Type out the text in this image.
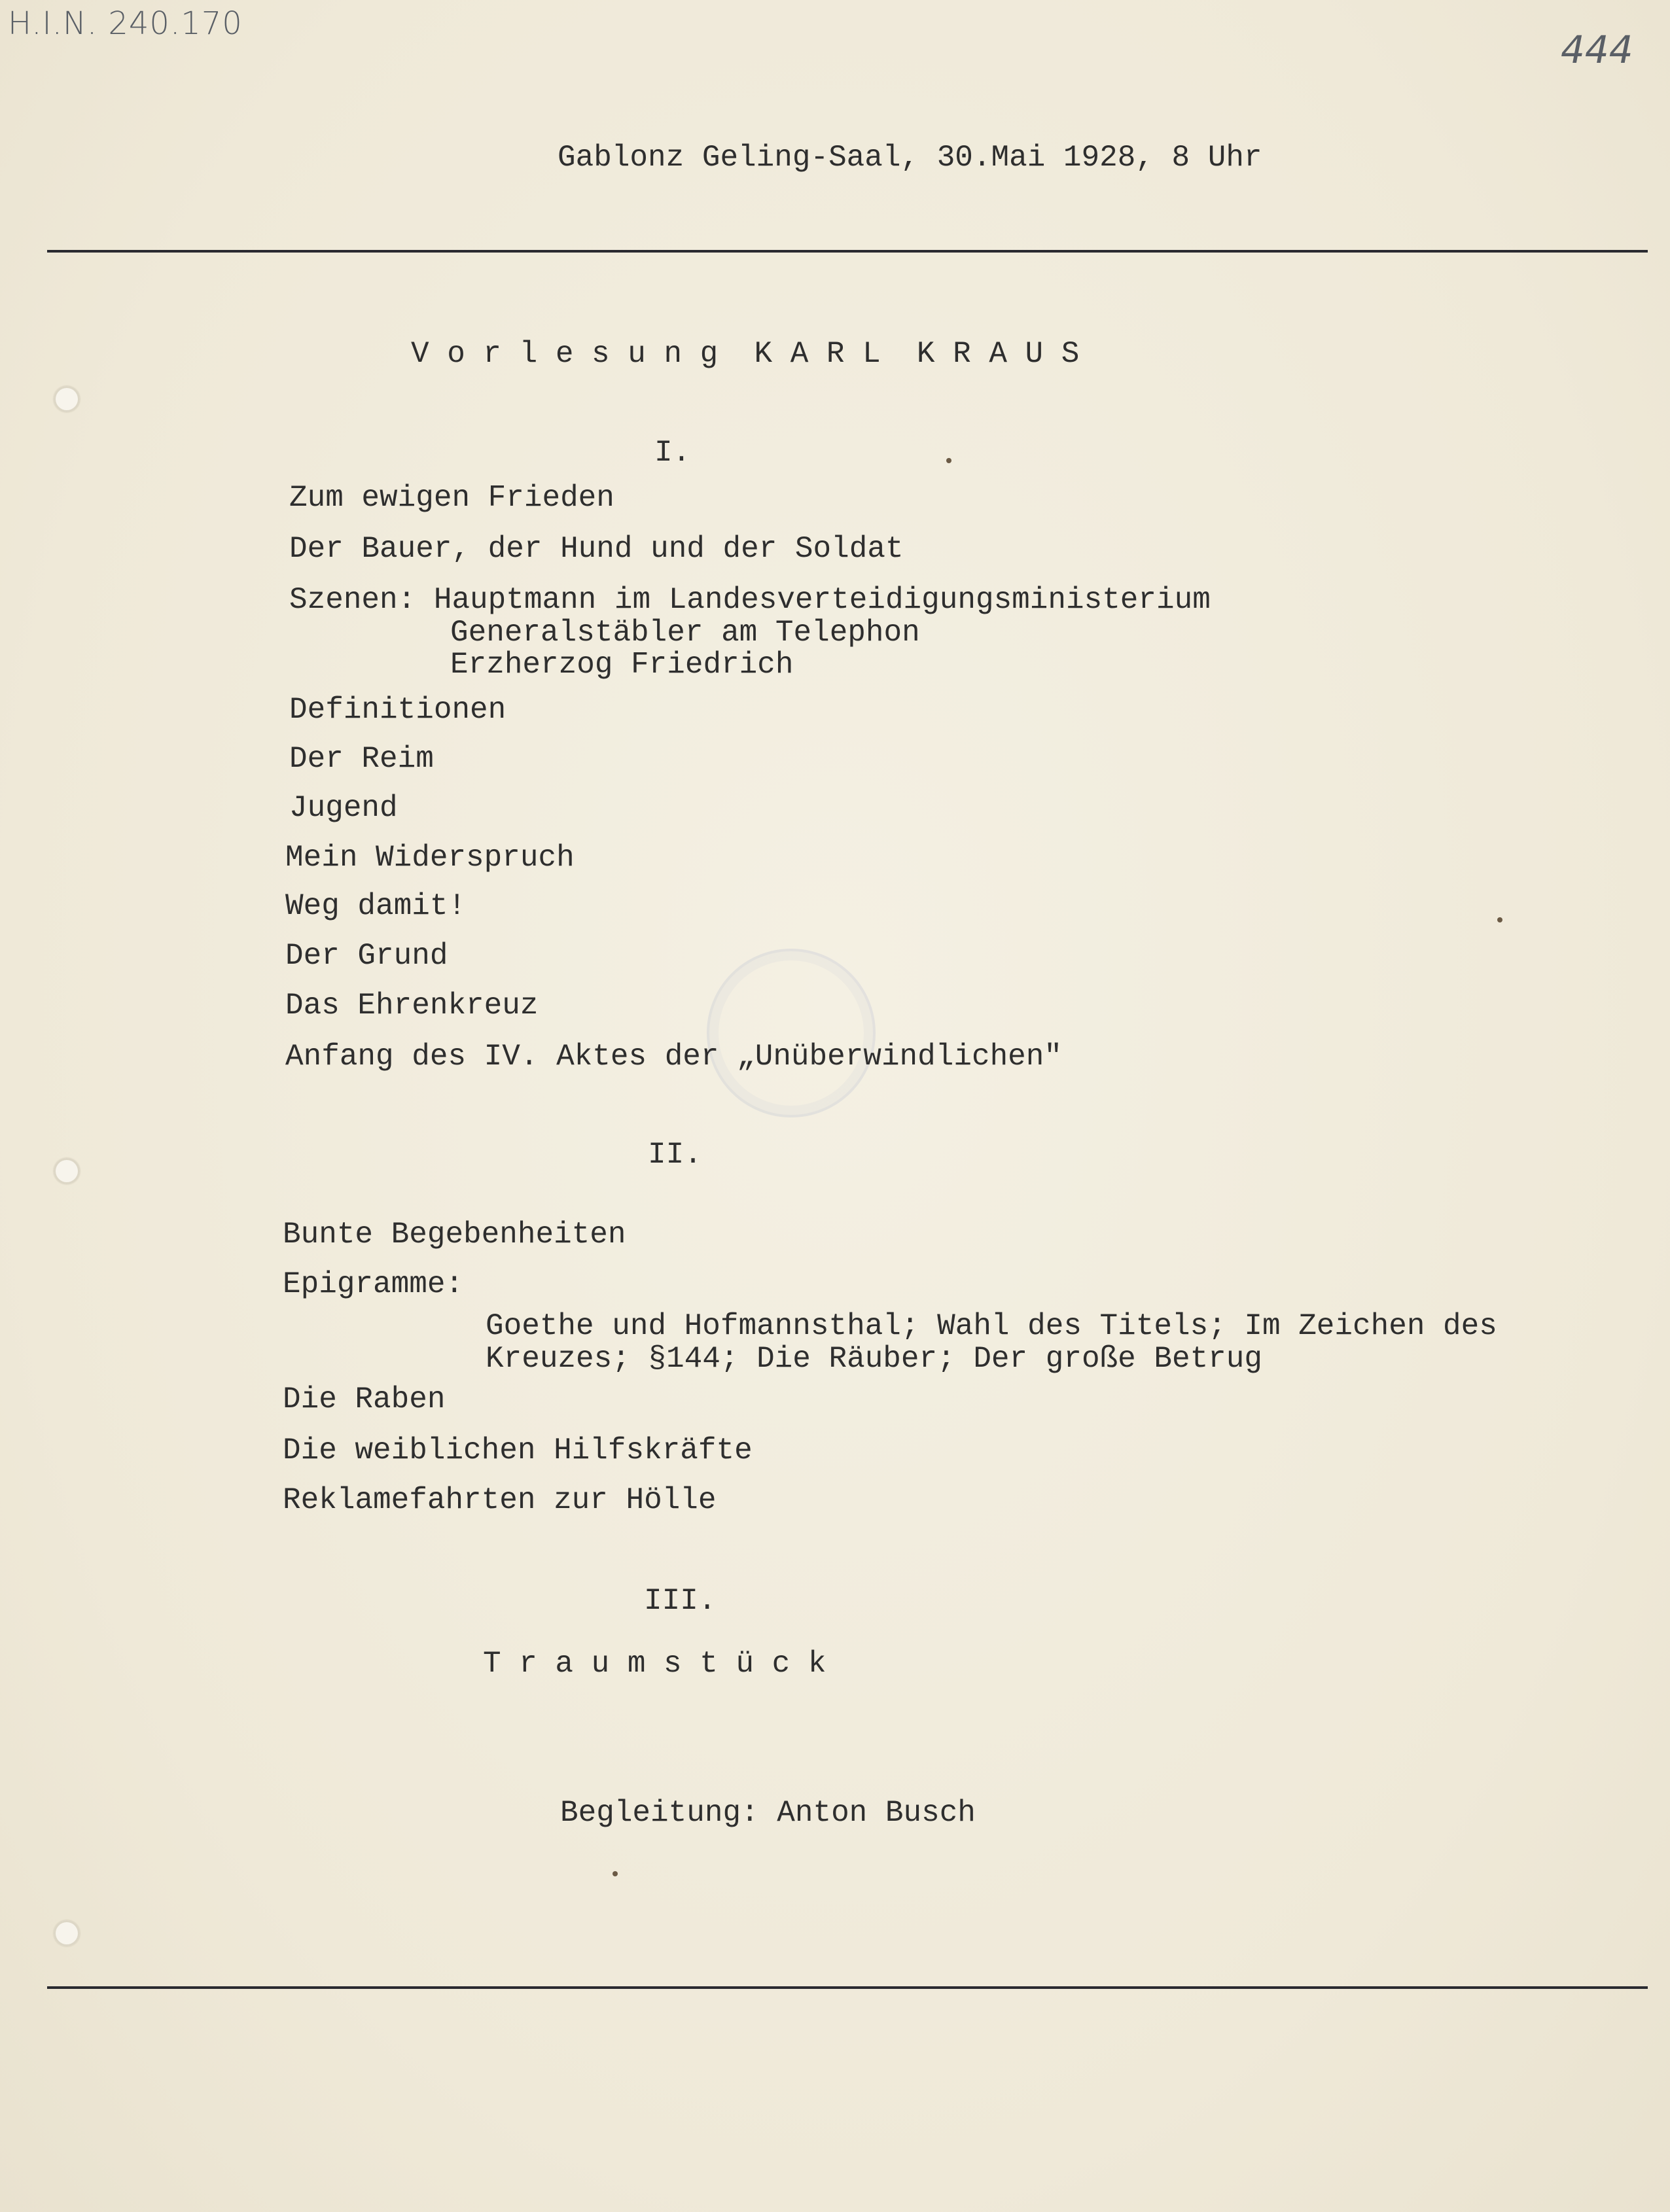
H.I.N. 240.170
444
Gablonz Geling-Saal, 30.Mai 1928, 8 Uhr
V o r l e s u n g  K A R L  K R A U S
I.
Zum ewigen Frieden
Der Bauer, der Hund und der Soldat
Szenen: Hauptmann im Landesverteidigungsministerium
Generalstäbler am Telephon
Erzherzog Friedrich
Definitionen
Der Reim
Jugend
Mein Widerspruch
Weg damit!
Der Grund
Das Ehrenkreuz
Anfang des IV. Aktes der „Unüberwindlichen"
II.
Bunte Begebenheiten
Epigramme:
Goethe und Hofmannsthal; Wahl des Titels; Im Zeichen des
Kreuzes; §144; Die Räuber; Der große Betrug
Die Raben
Die weiblichen Hilfskräfte
Reklamefahrten zur Hölle
III.
T r a u m s t ü c k
Begleitung: Anton Busch
